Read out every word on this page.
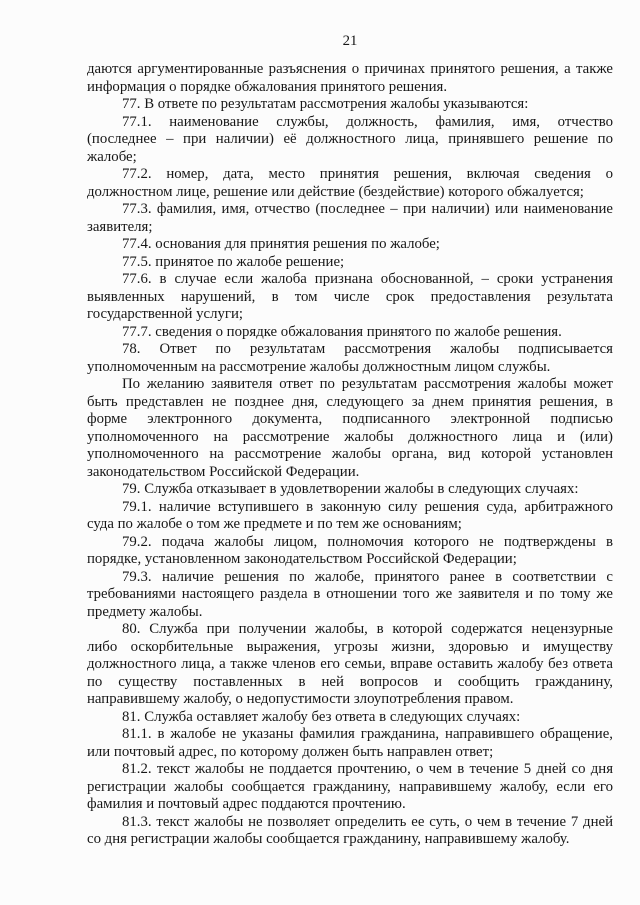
21
даются аргументированные разъяснения о причинах принятого решения, а также
информация о порядке обжалования принятого решения.
77. В ответе по результатам рассмотрения жалобы указываются:
77.1. наименование службы, должность, фамилия, имя, отчество
(последнее – при наличии) её должностного лица, принявшего решение по
жалобе;
77.2. номер, дата, место принятия решения, включая сведения о
должностном лице, решение или действие (бездействие) которого обжалуется;
77.3. фамилия, имя, отчество (последнее – при наличии) или наименование
заявителя;
77.4. основания для принятия решения по жалобе;
77.5. принятое по жалобе решение;
77.6. в случае если жалоба признана обоснованной, – сроки устранения
выявленных нарушений, в том числе срок предоставления результата
государственной услуги;
77.7. сведения о порядке обжалования принятого по жалобе решения.
78. Ответ по результатам рассмотрения жалобы подписывается
уполномоченным на рассмотрение жалобы должностным лицом службы.
По желанию заявителя ответ по результатам рассмотрения жалобы может
быть представлен не позднее дня, следующего за днем принятия решения, в
форме электронного документа, подписанного электронной подписью
уполномоченного на рассмотрение жалобы должностного лица и (или)
уполномоченного на рассмотрение жалобы органа, вид которой установлен
законодательством Российской Федерации.
79. Служба отказывает в удовлетворении жалобы в следующих случаях:
79.1. наличие вступившего в законную силу решения суда, арбитражного
суда по жалобе о том же предмете и по тем же основаниям;
79.2. подача жалобы лицом, полномочия которого не подтверждены в
порядке, установленном законодательством Российской Федерации;
79.3. наличие решения по жалобе, принятого ранее в соответствии с
требованиями настоящего раздела в отношении того же заявителя и по тому же
предмету жалобы.
80. Служба при получении жалобы, в которой содержатся нецензурные
либо оскорбительные выражения, угрозы жизни, здоровью и имуществу
должностного лица, а также членов его семьи, вправе оставить жалобу без ответа
по существу поставленных в ней вопросов и сообщить гражданину,
направившему жалобу, о недопустимости злоупотребления правом.
81. Служба оставляет жалобу без ответа в следующих случаях:
81.1. в жалобе не указаны фамилия гражданина, направившего обращение,
или почтовый адрес, по которому должен быть направлен ответ;
81.2. текст жалобы не поддается прочтению, о чем в течение 5 дней со дня
регистрации жалобы сообщается гражданину, направившему жалобу, если его
фамилия и почтовый адрес поддаются прочтению.
81.3. текст жалобы не позволяет определить ее суть, о чем в течение 7 дней
со дня регистрации жалобы сообщается гражданину, направившему жалобу.
